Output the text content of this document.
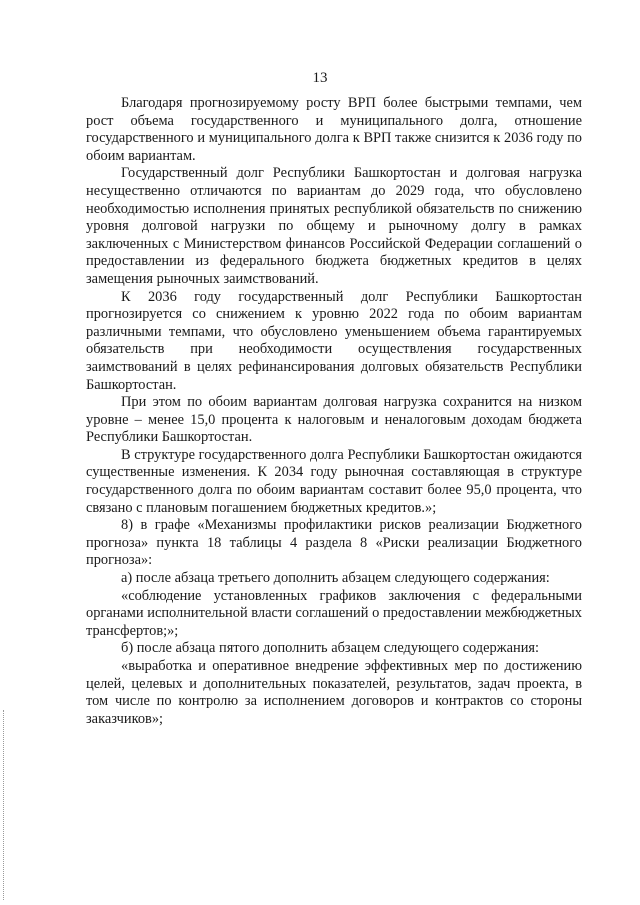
13

Благодаря прогнозируемому росту ВРП более быстрыми темпами, чем рост объема государственного и муниципального долга, отношение государственного и муниципального долга к ВРП также снизится к 2036 году по обоим вариантам.

Государственный долг Республики Башкортостан и долговая нагрузка несущественно отличаются по вариантам до 2029 года, что обусловлено необходимостью исполнения принятых республикой обязательств по снижению уровня долговой нагрузки по общему и рыночному долгу в рамках заключенных с Министерством финансов Российской Федерации соглашений о предоставлении из федерального бюджета бюджетных кредитов в целях замещения рыночных заимствований.

К 2036 году государственный долг Республики Башкортостан прогнозируется со снижением к уровню 2022 года по обоим вариантам различными темпами, что обусловлено уменьшением объема гарантируемых обязательств при необходимости осуществления государственных заимствований в целях рефинансирования долговых обязательств Республики Башкортостан.

При этом по обоим вариантам долговая нагрузка сохранится на низком уровне – менее 15,0 процента к налоговым и неналоговым доходам бюджета Республики Башкортостан.

В структуре государственного долга Республики Башкортостан ожидаются существенные изменения. К 2034 году рыночная составляющая в структуре государственного долга по обоим вариантам составит более 95,0 процента, что связано с плановым погашением бюджетных кредитов.»;

8) в графе «Механизмы профилактики рисков реализации Бюджетного прогноза» пункта 18 таблицы 4 раздела 8 «Риски реализации Бюджетного прогноза»:

а) после абзаца третьего дополнить абзацем следующего содержания:

«соблюдение установленных графиков заключения с федеральными органами исполнительной власти соглашений о предоставлении межбюджетных трансфертов;»;

б) после абзаца пятого дополнить абзацем следующего содержания:

«выработка и оперативное внедрение эффективных мер по достижению целей, целевых и дополнительных показателей, результатов, задач проекта, в том числе по контролю за исполнением договоров и контрактов со стороны заказчиков»;
